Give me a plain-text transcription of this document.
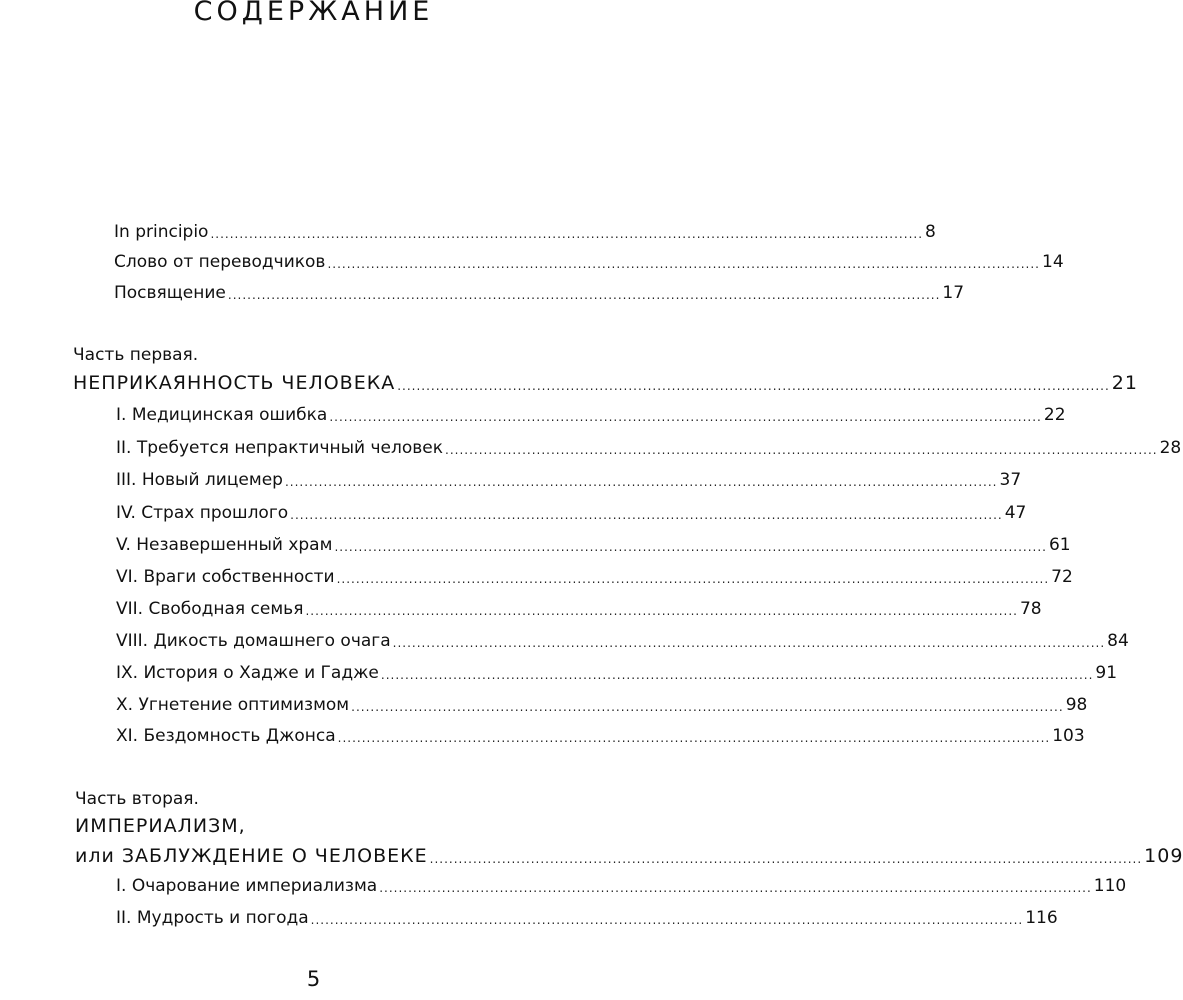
СОДЕРЖАНИЕ
In principio .................................................................................................................................................... 8
Слово от переводчиков .................................................................................................................................................... 14
Посвящение .................................................................................................................................................... 17
Часть первая.
НЕПРИКАЯННОСТЬ ЧЕЛОВЕКА .................................................................................................................................................... 21
I. Медицинская ошибка .................................................................................................................................................... 22
II. Требуется непрактичный человек .................................................................................................................................................... 28
III. Новый лицемер .................................................................................................................................................... 37
IV. Страх прошлого .................................................................................................................................................... 47
V. Незавершенный храм .................................................................................................................................................... 61
VI. Враги собственности .................................................................................................................................................... 72
VII. Свободная семья .................................................................................................................................................... 78
VIII. Дикость домашнего очага .................................................................................................................................................... 84
IX. История о Хадже и Гадже .................................................................................................................................................... 91
X. Угнетение оптимизмом .................................................................................................................................................... 98
XI. Бездомность Джонса .................................................................................................................................................... 103
Часть вторая.
ИМПЕРИАЛИЗМ,
или ЗАБЛУЖДЕНИЕ О ЧЕЛОВЕКЕ .................................................................................................................................................... 109
I. Очарование империализма .................................................................................................................................................... 110
II. Мудрость и погода .................................................................................................................................................... 116
5
